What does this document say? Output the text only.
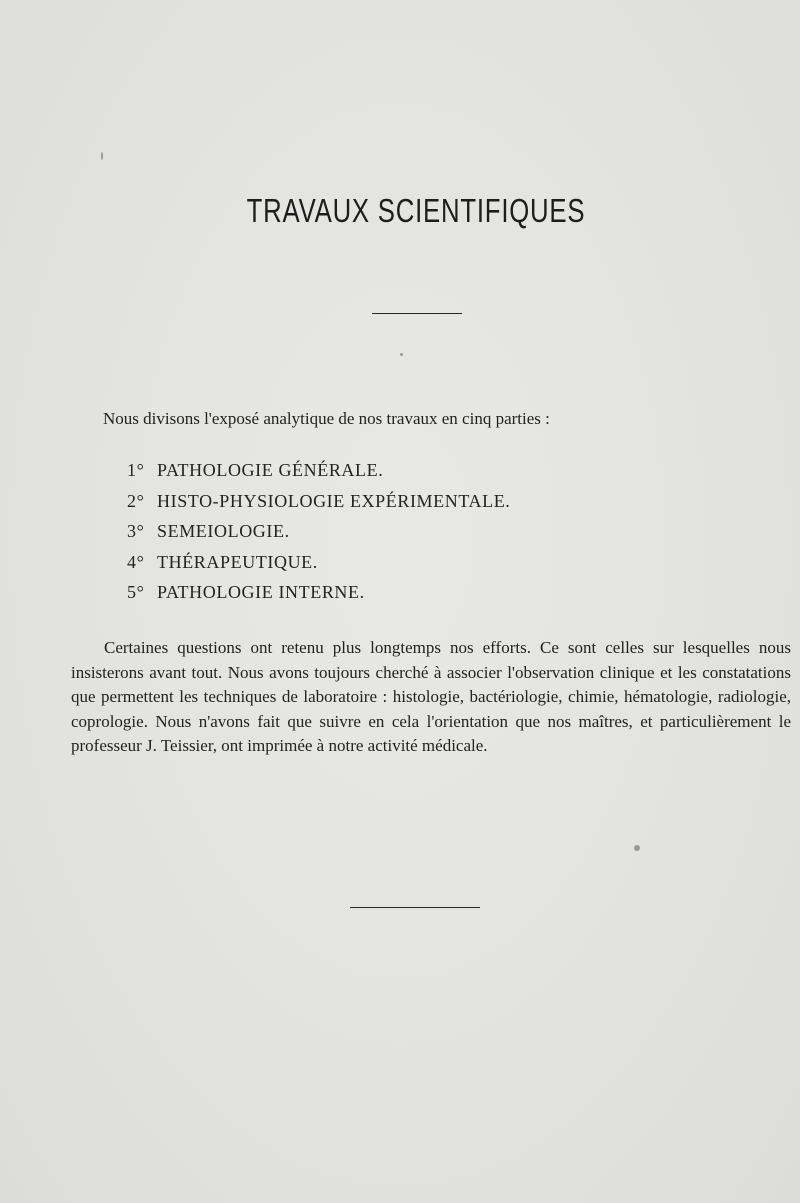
TRAVAUX SCIENTIFIQUES

Nous divisons l'exposé analytique de nos travaux en cinq parties :

1° PATHOLOGIE GÉNÉRALE.
2° HISTO-PHYSIOLOGIE EXPÉRIMENTALE.
3° SEMEIOLOGIE.
4° THÉRAPEUTIQUE.
5° PATHOLOGIE INTERNE.

Certaines questions ont retenu plus longtemps nos efforts. Ce sont celles sur lesquelles nous insisterons avant tout. Nous avons toujours cherché à associer l'observation clinique et les constatations que permettent les techniques de laboratoire : histologie, bactériologie, chimie, hématologie, radiologie, coprologie. Nous n'avons fait que suivre en cela l'orientation que nos maîtres, et particulièrement le professeur J. Teissier, ont imprimée à notre activité médicale.
